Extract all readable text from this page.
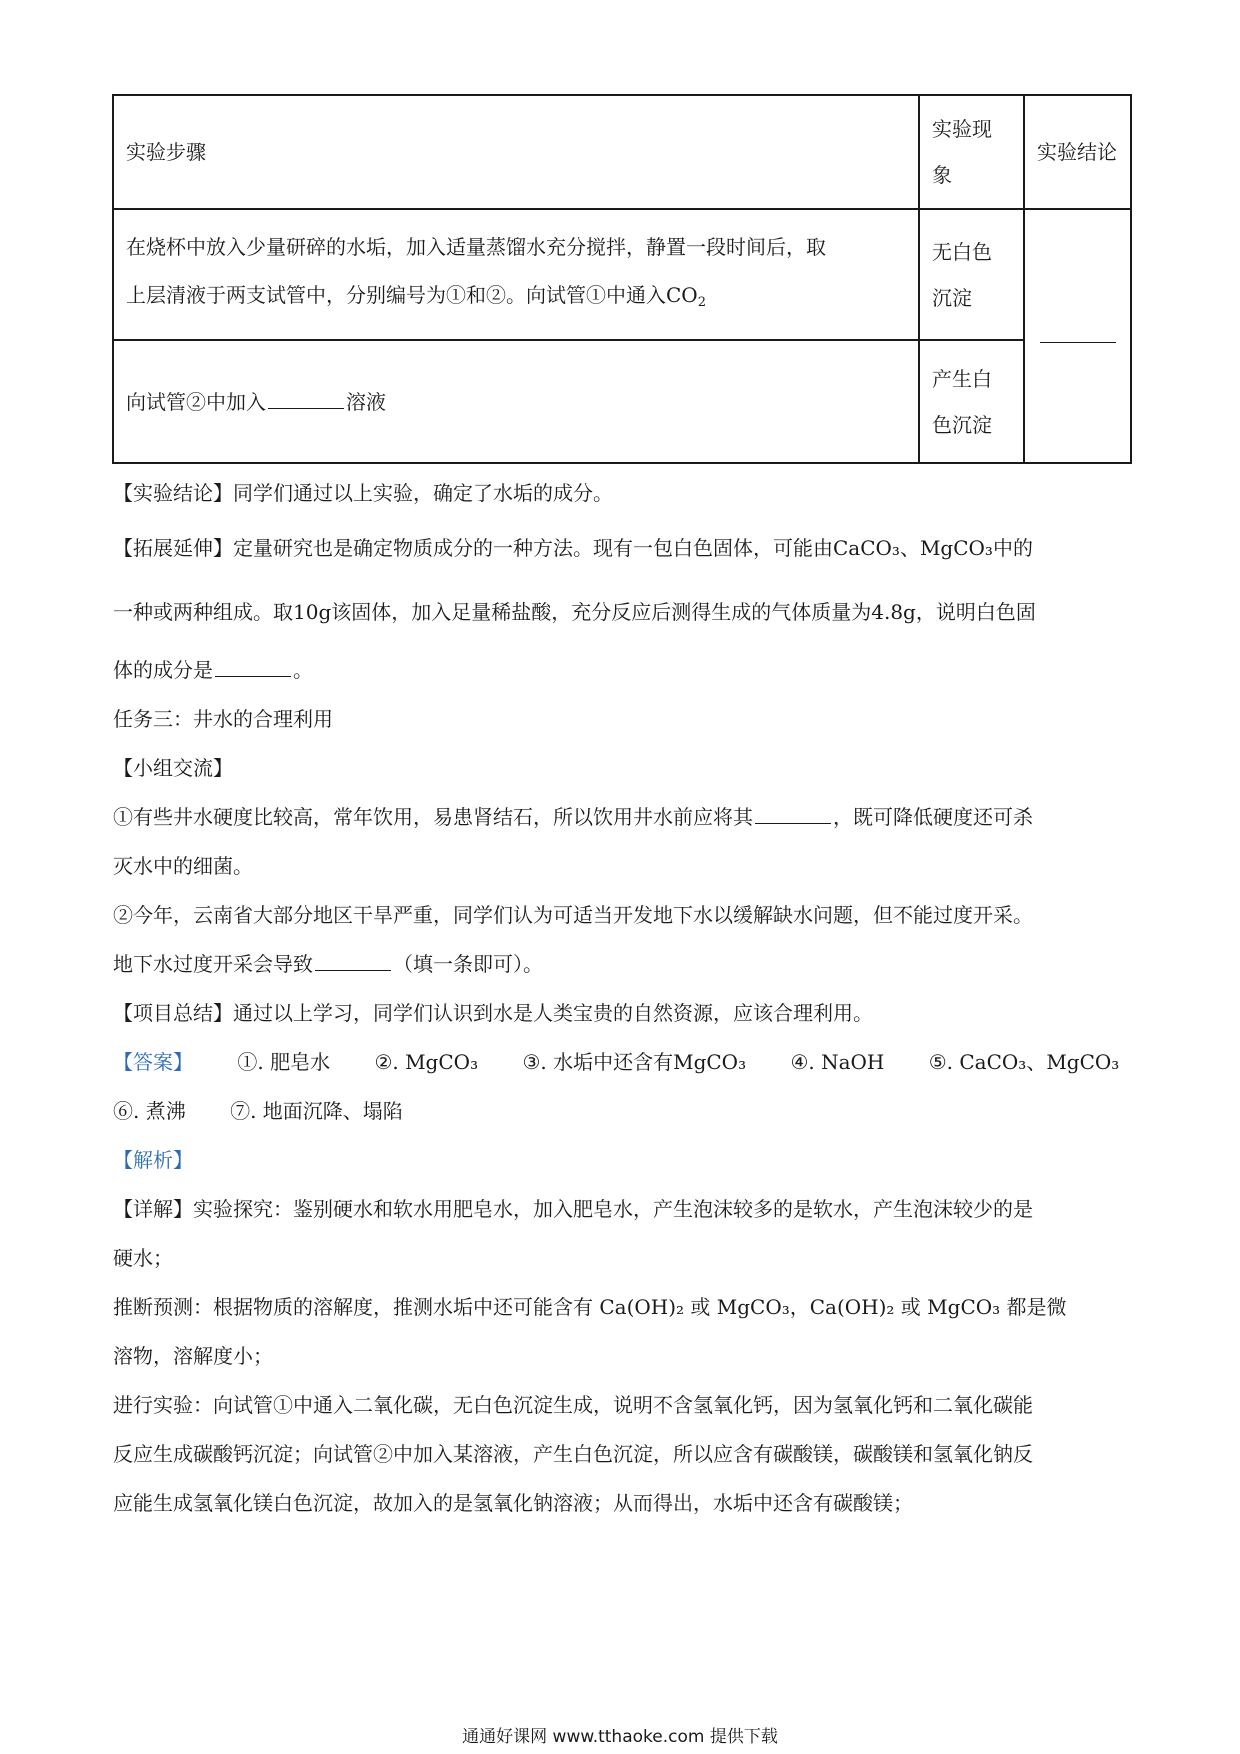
实验步骤	实验现象	实验结论
在烧杯中放入少量研碎的水垢，加入适量蒸馏水充分搅拌，静置一段时间后，取
上层清液于两支试管中，分别编号为①和②。向试管①中通入$CO_2$	无白色沉淀	
向试管②中加入 溶液	产生白色沉淀	
【实验结论】同学们通过以上实验，确定了水垢的成分。
【拓展延伸】定量研究也是确定物质成分的一种方法。现有一包白色固体，可能由CaCO₃、MgCO₃中的
一种或两种组成。取10g该固体，加入足量稀盐酸，充分反应后测得生成的气体质量为4.8g，说明白色固
体的成分是	。
任务三：井水的合理利用
【小组交流】
①有些井水硬度比较高，常年饮用，易患肾结石，所以饮用井水前应将其	，既可降低硬度还可杀
灭水中的细菌。
②今年，云南省大部分地区干旱严重，同学们认为可适当开发地下水以缓解缺水问题，但不能过度开采。
地下水过度开采会导致	（填一条即可）。
【项目总结】通过以上学习，同学们认识到水是人类宝贵的自然资源，应该合理利用。
【答案】 ①. 肥皂水 ②. MgCO₃ ③. 水垢中还含有MgCO₃ ④. NaOH ⑤. CaCO₃、MgCO₃
⑥. 煮沸 ⑦. 地面沉降、塌陷
【解析】
【详解】实验探究：鉴别硬水和软水用肥皂水，加入肥皂水，产生泡沫较多的是软水，产生泡沫较少的是
硬水；
推断预测：根据物质的溶解度，推测水垢中还可能含有 Ca(OH)₂ 或 MgCO₃，Ca(OH)₂ 或 MgCO₃ 都是微
溶物，溶解度小；
进行实验：向试管①中通入二氧化碳，无白色沉淀生成，说明不含氢氧化钙，因为氢氧化钙和二氧化碳能
反应生成碳酸钙沉淀；向试管②中加入某溶液，产生白色沉淀，所以应含有碳酸镁，碳酸镁和氢氧化钠反
应能生成氢氧化镁白色沉淀，故加入的是氢氧化钠溶液；从而得出，水垢中还含有碳酸镁；
通通好课网 www.tthaoke.com 提供下载
